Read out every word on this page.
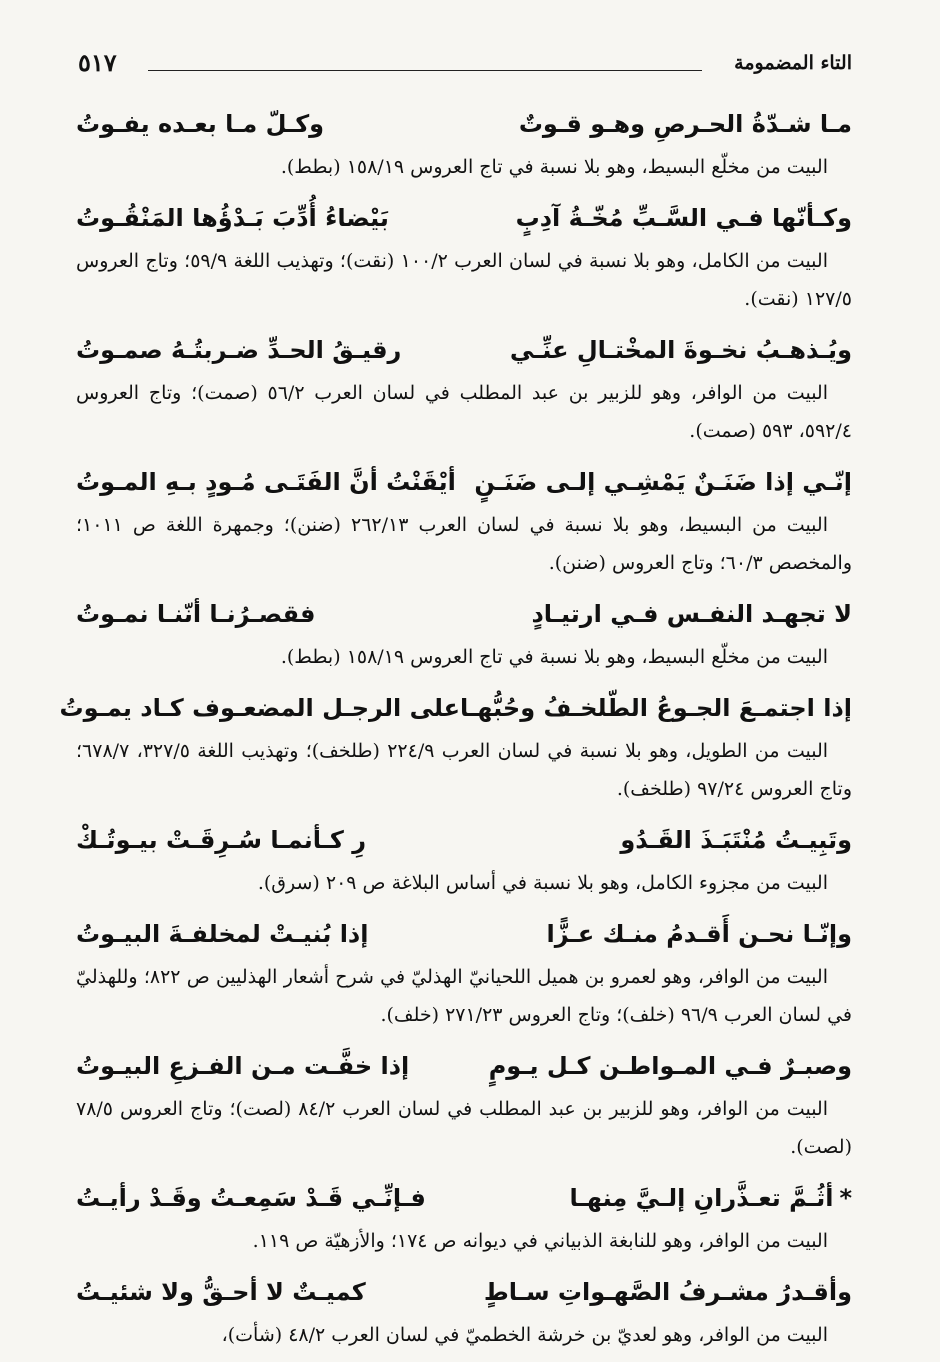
التاء المضمومة
٥١٧
مـا شـدّةُ الحـرصِ وهـو قـوتٌ
وكـلّ مـا بعـده يفـوتُ

البيت من مخلّع البسيط، وهو بلا نسبة في تاج العروس ١٥٨/١٩ (بطط).

وكـأنّها فـي السَّـبِّ مُخّـةُ آدِبٍ
بَيْضاءُ أُدِّبَ بَـدْؤُها المَنْقُـوتُ

البيت من الكامل، وهو بلا نسبة في لسان العرب ١٠٠/٢ (نقت)؛ وتهذيب اللغة ٥٩/٩؛ وتاج العروس ١٢٧/٥ (نقت).

ويُـذهـبُ نخـوةَ المخْتـالِ عنِّـي
رقيـقُ الحـدِّ ضـربتُـهُ صمـوتُ

البيت من الوافر، وهو للزبير بن عبد المطلب في لسان العرب ٥٦/٢ (صمت)؛ وتاج العروس ٥٩٢/٤، ٥٩٣ (صمت).

إنّـي إذا ضَنَـنٌ يَمْشِـي إلـى ضَنَـنٍ
أيْقَنْتُ أنَّ الفَتَـى مُـودٍ بـهِ المـوتُ

البيت من البسيط، وهو بلا نسبة في لسان العرب ٢٦٢/١٣ (ضنن)؛ وجمهرة اللغة ص ١٠١١؛ والمخصص ٦٠/٣؛ وتاج العروس (ضنن).

لا تجهـد النفـس فـي ارتيـادٍ
فقصـرُنـا أنّنـا نمـوتُ

البيت من مخلّع البسيط، وهو بلا نسبة في تاج العروس ١٥٨/١٩ (بطط).

إذا اجتمـعَ الجـوعُ الطّلخـفُ وحُبُّهـا
على الرجـل المضعـوف كـاد يمـوتُ

البيت من الطويل، وهو بلا نسبة في لسان العرب ٢٢٤/٩ (طلخف)؛ وتهذيب اللغة ٣٢٧/٥، ٦٧٨/٧؛ وتاج العروس ٩٧/٢٤ (طلخف).

وتَبِيـتُ مُنْتَبَـذَ القَـدُو
رِ كـأنمـا سُـرِقَـتْ بيـوتُـكْ

البيت من مجزوء الكامل، وهو بلا نسبة في أساس البلاغة ص ٢٠٩ (سرق).

وإنّـا نحـن أَقـدمُ منـك عـزًّا
إذا بُنيـتْ لمخلفـةَ البيـوتُ

البيت من الوافر، وهو لعمرو بن هميل اللحيانيّ الهذليّ في شرح أشعار الهذليين ص ٨٢٢؛ وللهذليّ في لسان العرب ٩٦/٩ (خلف)؛ وتاج العروس ٢٧١/٢٣ (خلف).

وصبـرٌ فـي المـواطـن كـل يـومٍ
إذا خفَّـت مـن الفـزعِ البيـوتُ

البيت من الوافر، وهو للزبير بن عبد المطلب في لسان العرب ٨٤/٢ (لصت)؛ وتاج العروس ٧٨/٥ (لصت).

*أثُـمَّ تعـذَّرانِ إلـيَّ مِنهـا
فـإنِّـي قَـدْ سَمِعـتُ وقَـدْ رأيـتُ

البيت من الوافر، وهو للنابغة الذبياني في ديوانه ص ١٧٤؛ والأزهيّة ص ١١٩.

وأقـدرُ مشـرفُ الصَّهـواتِ سـاطٍ
كميـتٌ لا أحـقُّ ولا شئيـتُ

البيت من الوافر، وهو لعديّ بن خرشة الخطميّ في لسان العرب ٤٨/٢ (شأت)،
